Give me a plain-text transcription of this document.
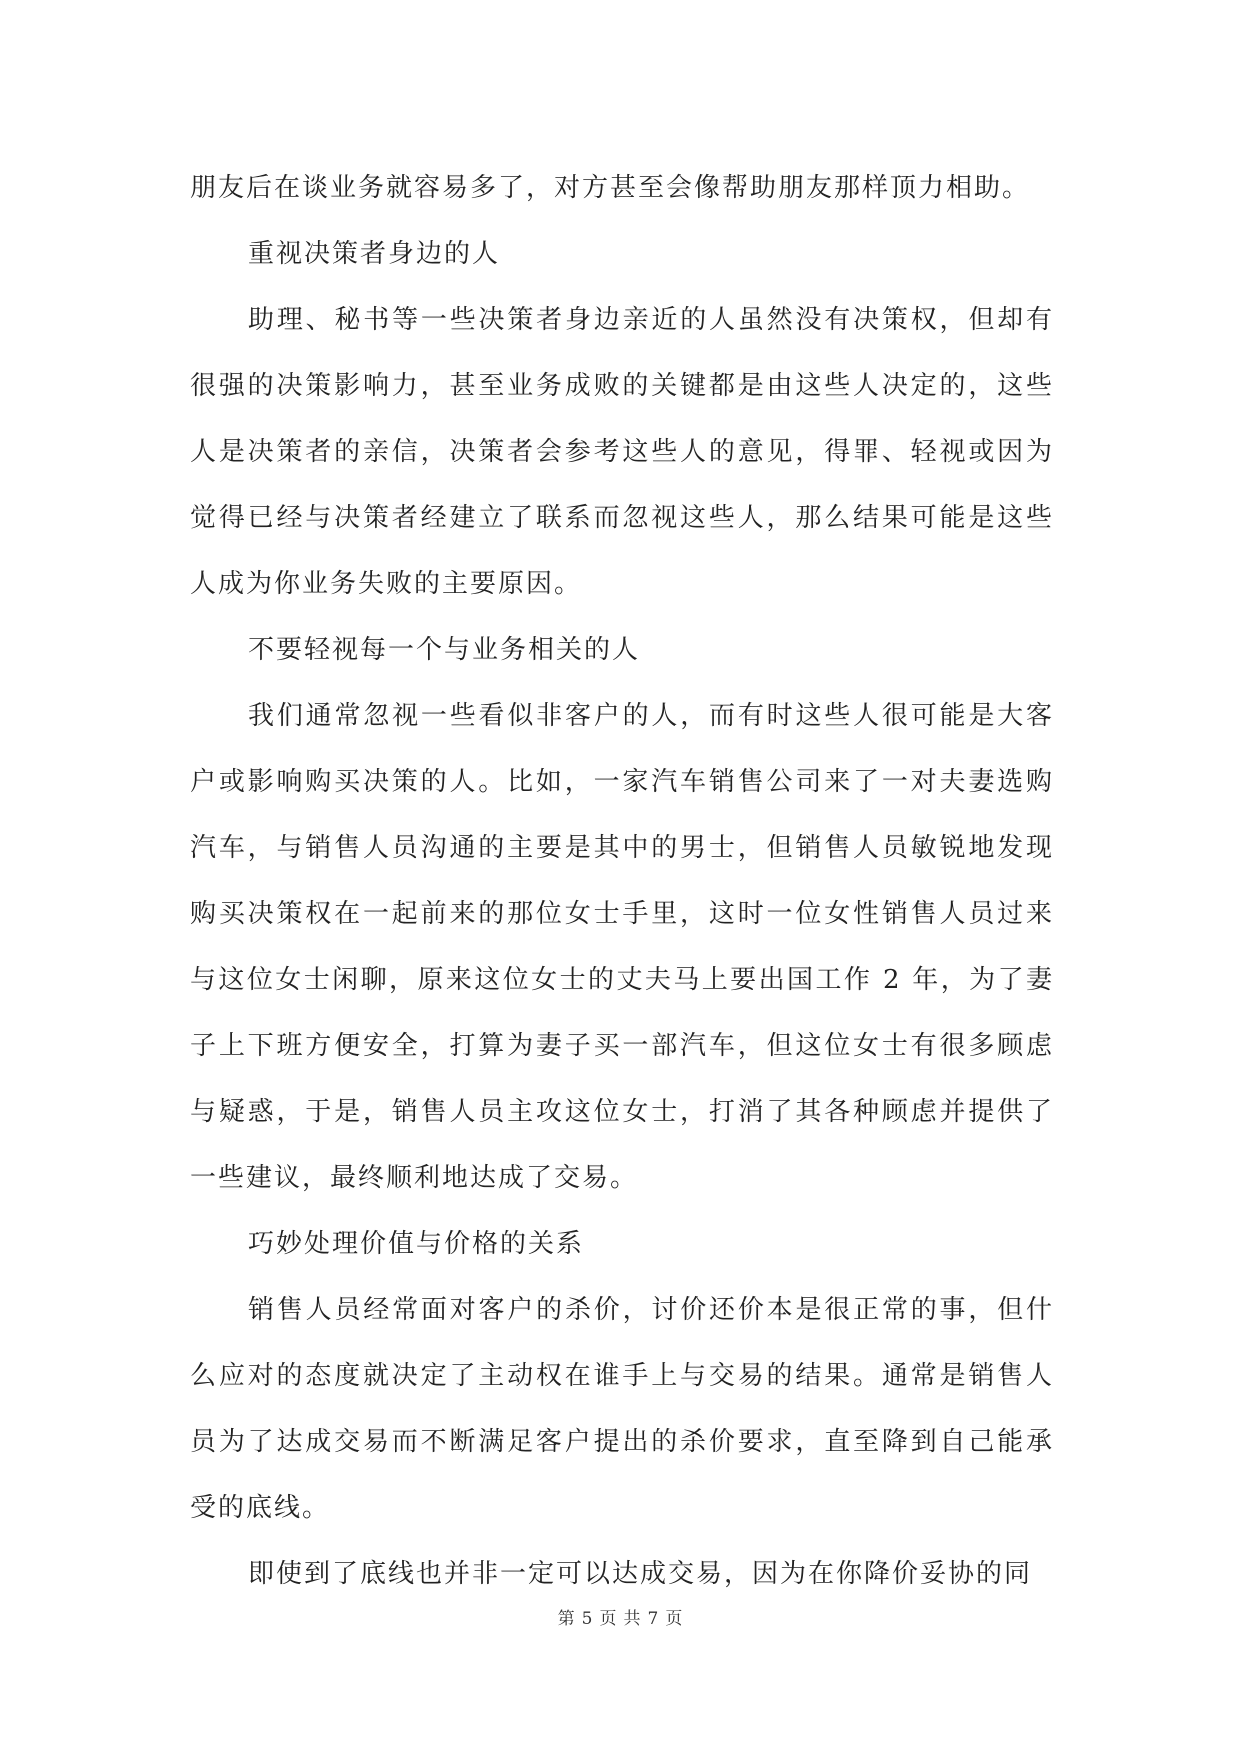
朋友后在谈业务就容易多了，对方甚至会像帮助朋友那样顶力相助。

重视决策者身边的人

助理、秘书等一些决策者身边亲近的人虽然没有决策权，但却有很强的决策影响力，甚至业务成败的关键都是由这些人决定的，这些人是决策者的亲信，决策者会参考这些人的意见，得罪、轻视或因为觉得已经与决策者经建立了联系而忽视这些人，那么结果可能是这些人成为你业务失败的主要原因。

不要轻视每一个与业务相关的人

我们通常忽视一些看似非客户的人，而有时这些人很可能是大客户或影响购买决策的人。比如，一家汽车销售公司来了一对夫妻选购汽车，与销售人员沟通的主要是其中的男士，但销售人员敏锐地发现购买决策权在一起前来的那位女士手里，这时一位女性销售人员过来与这位女士闲聊，原来这位女士的丈夫马上要出国工作 2 年，为了妻子上下班方便安全，打算为妻子买一部汽车，但这位女士有很多顾虑与疑惑，于是，销售人员主攻这位女士，打消了其各种顾虑并提供了一些建议，最终顺利地达成了交易。

巧妙处理价值与价格的关系

销售人员经常面对客户的杀价，讨价还价本是很正常的事，但什么应对的态度就决定了主动权在谁手上与交易的结果。通常是销售人员为了达成交易而不断满足客户提出的杀价要求，直至降到自己能承受的底线。

即使到了底线也并非一定可以达成交易，因为在你降价妥协的同

第 5 页 共 7 页
